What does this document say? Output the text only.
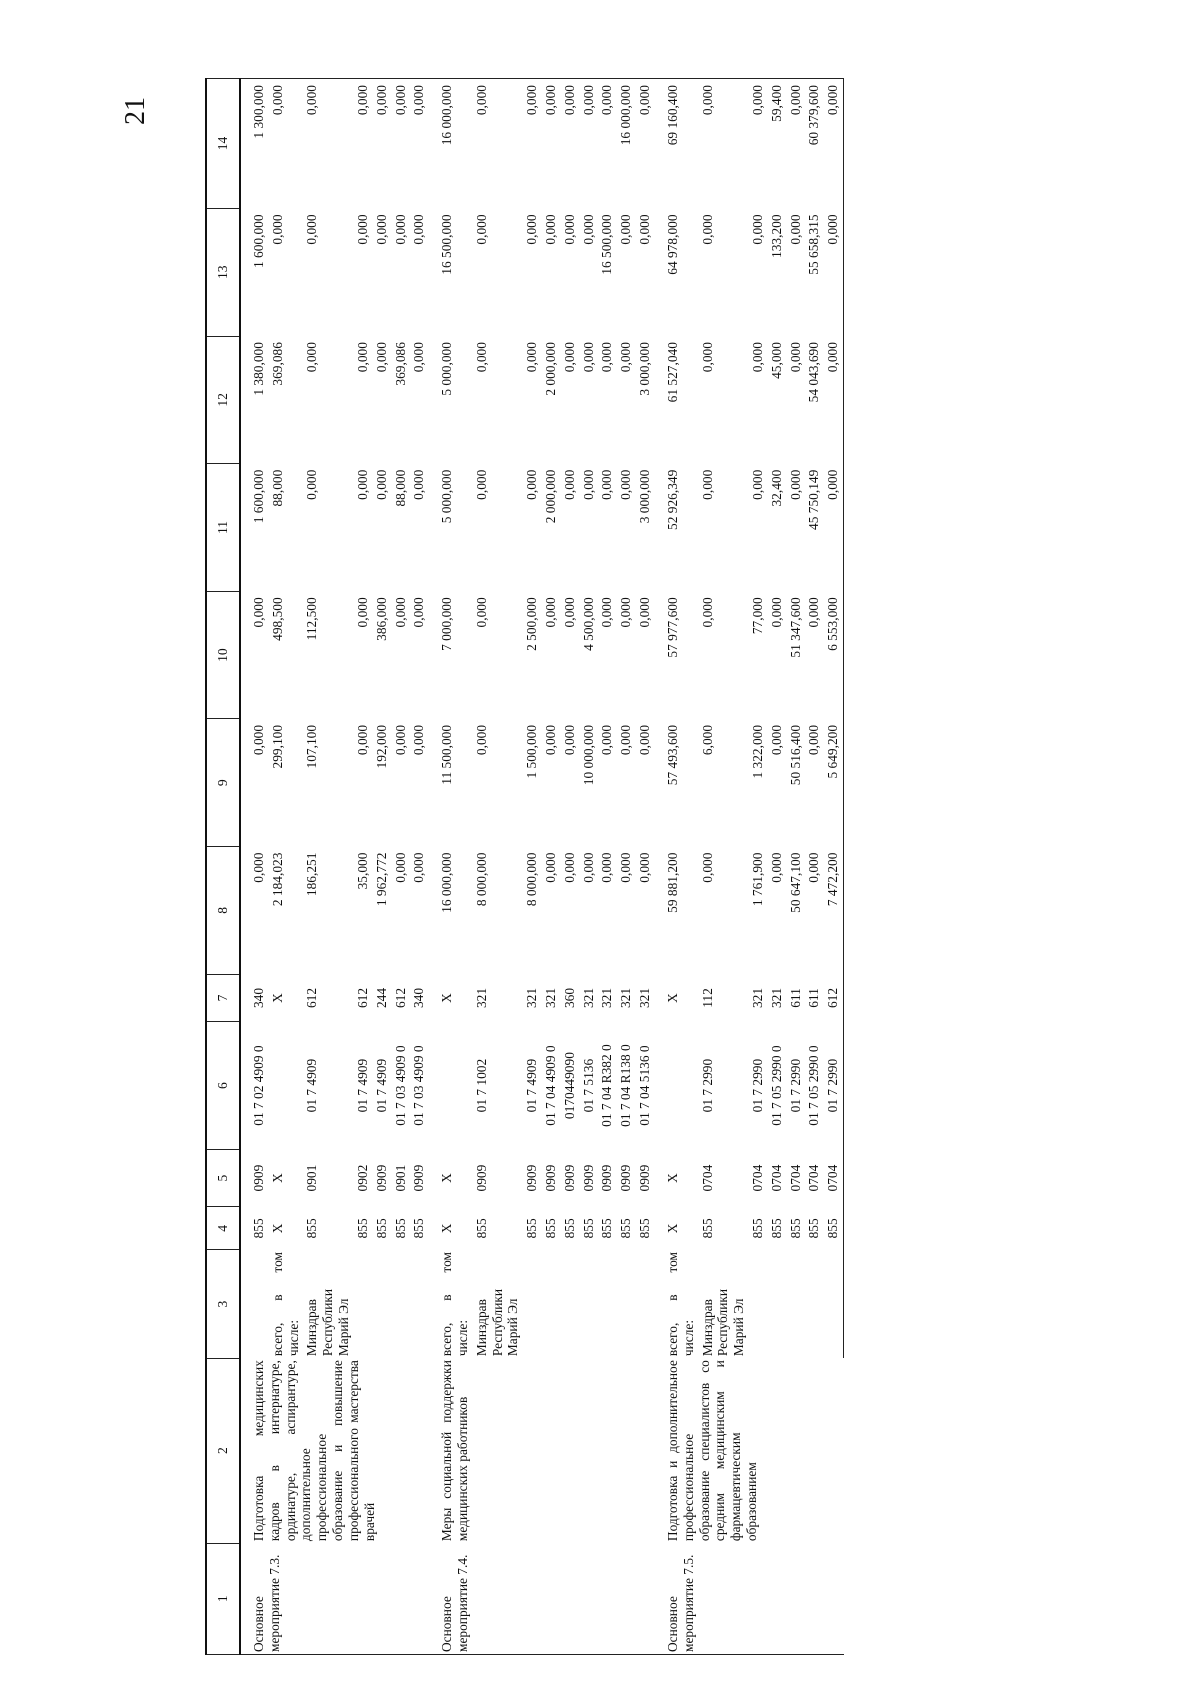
21
1	2	3	4	5	6	7	8	9	10	11	12	13	14
Основное мероприятие 7.3.	Подготовка медицинских кадров в интернатуре, ординатуре, аспирантуре, дополнительное профессиональное образование и повышение профессионального мастерства врачей		855	0909	01 7 02 4909 0	340	0,000	0,000	0,000	1 600,000	1 380,000	1 600,000	1 300,000
		всего, в том числе:	X	X		X	2 184,023	299,100	498,500	88,000	369,086	0,000	0,000
		Минздрав Республики Марий Эл	855	0901	01 7 4909	612	186,251	107,100	112,500	0,000	0,000	0,000	0,000
			855	0902	01 7 4909	612	35,000	0,000	0,000	0,000	0,000	0,000	0,000
			855	0909	01 7 4909	244	1 962,772	192,000	386,000	0,000	0,000	0,000	0,000
			855	0901	01 7 03 4909 0	612	0,000	0,000	0,000	88,000	369,086	0,000	0,000
			855	0909	01 7 03 4909 0	340	0,000	0,000	0,000	0,000	0,000	0,000	0,000
Основное мероприятие 7.4.	Меры социальной поддержки медицинских работников	всего, в том числе:	X	X		X	16 000,000	11 500,000	7 000,000	5 000,000	5 000,000	16 500,000	16 000,000
		Минздрав Республики Марий Эл	855	0909	01 7 1002	321	8 000,000	0,000	0,000	0,000	0,000	0,000	0,000
			855	0909	01 7 4909	321	8 000,000	1 500,000	2 500,000	0,000	0,000	0,000	0,000
			855	0909	01 7 04 4909 0	321	0,000	0,000	0,000	2 000,000	2 000,000	0,000	0,000
			855	0909	0170449090	360	0,000	0,000	0,000	0,000	0,000	0,000	0,000
			855	0909	01 7 5136	321	0,000	10 000,000	4 500,000	0,000	0,000	0,000	0,000
			855	0909	01 7 04 R382 0	321	0,000	0,000	0,000	0,000	0,000	16 500,000	0,000
			855	0909	01 7 04 R138 0	321	0,000	0,000	0,000	0,000	0,000	0,000	16 000,000
			855	0909	01 7 04 5136 0	321	0,000	0,000	0,000	3 000,000	3 000,000	0,000	0,000
Основное мероприятие 7.5.	Подготовка и дополнительное профессиональное образование специалистов со средним медицинским и фармацевтическим образованием	всего, в том числе:	X	X		X	59 881,200	57 493,600	57 977,600	52 926,349	61 527,040	64 978,000	69 160,400
		Минздрав Республики Марий Эл	855	0704	01 7 2990	112	0,000	6,000	0,000	0,000	0,000	0,000	0,000
			855	0704	01 7 2990	321	1 761,900	1 322,000	77,000	0,000	0,000	0,000	0,000
			855	0704	01 7 05 2990 0	321	0,000	0,000	0,000	32,400	45,000	133,200	59,400
			855	0704	01 7 2990	611	50 647,100	50 516,400	51 347,600	0,000	0,000	0,000	0,000
			855	0704	01 7 05 2990 0	611	0,000	0,000	0,000	45 750,149	54 043,690	55 658,315	60 379,600
			855	0704	01 7 2990	612	7 472,200	5 649,200	6 553,000	0,000	0,000	0,000	0,000
